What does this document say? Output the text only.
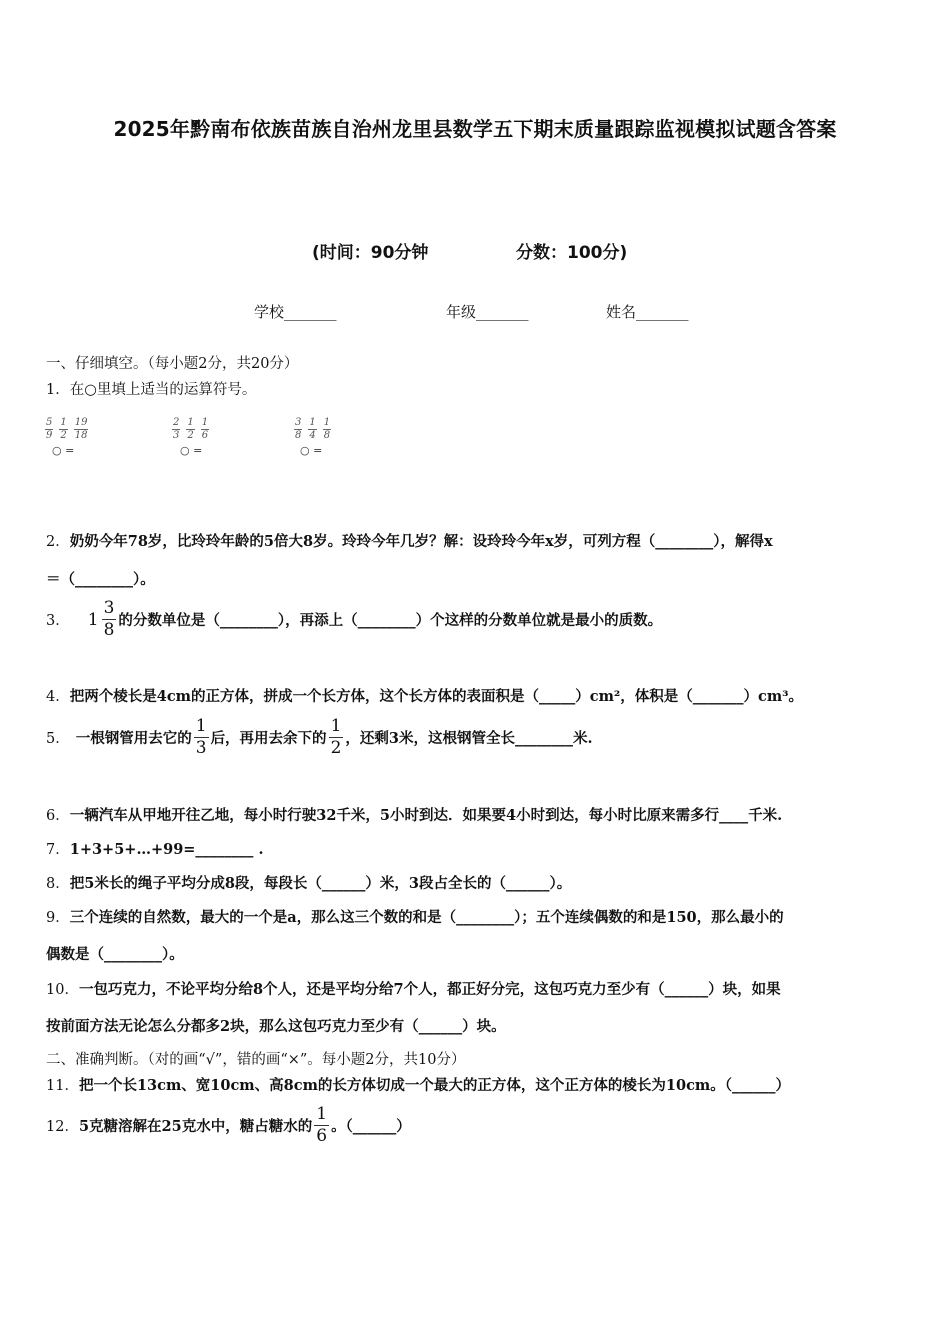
2025年黔南布依族苗族自治州龙里县数学五下期末质量跟踪监视模拟试题含答案
(时间：90分钟	分数：100分)
学校_______	年级_______	姓名_______
一、仔细填空。（每小题2分，共20分）
1．在○里填上适当的运算符号。
5
9
1
2
19
18
○ =
2
3
1
2
1
6
○ =
3
8
1
4
1
8
○ =
2．奶奶今年78岁，比玲玲年龄的5倍大8岁。玲玲今年几岁？解：设玲玲今年x岁，可列方程（________），解得x
＝（________）。
3． $1 \frac{3}{8}$ 的分数单位是（________），再添上（________）个这样的分数单位就是最小的质数。
4．把两个棱长是4cm的正方体，拼成一个长方体，这个长方体的表面积是（_____）cm²，体积是（_______）cm³。
5． 一根钢管用去它的 $\frac{1}{3}$ 后，再用去余下的 $\frac{1}{2}$ ，还剩3米，这根钢管全长________米.
6．一辆汽车从甲地开往乙地，每小时行驶32千米，5小时到达．如果要4小时到达，每小时比原来需多行____千米.
7．1+3+5+…+99=________ .
8．把5米长的绳子平均分成8段，每段长（______）米，3段占全长的（______）。
9．三个连续的自然数，最大的一个是a，那么这三个数的和是（________）；五个连续偶数的和是150，那么最小的
偶数是（________）。
10．一包巧克力，不论平均分给8个人，还是平均分给7个人，都正好分完，这包巧克力至少有（______）块，如果
按前面方法无论怎么分都多2块，那么这包巧克力至少有（______）块。
二、准确判断。（对的画“√”，错的画“×”。每小题2分，共10分）
11．把一个长13cm、宽10cm、高8cm的长方体切成一个最大的正方体，这个正方体的棱长为10cm。（______）
12． 5克糖溶解在25克水中，糖占糖水的 $\frac{1}{6}$ 。（______）
